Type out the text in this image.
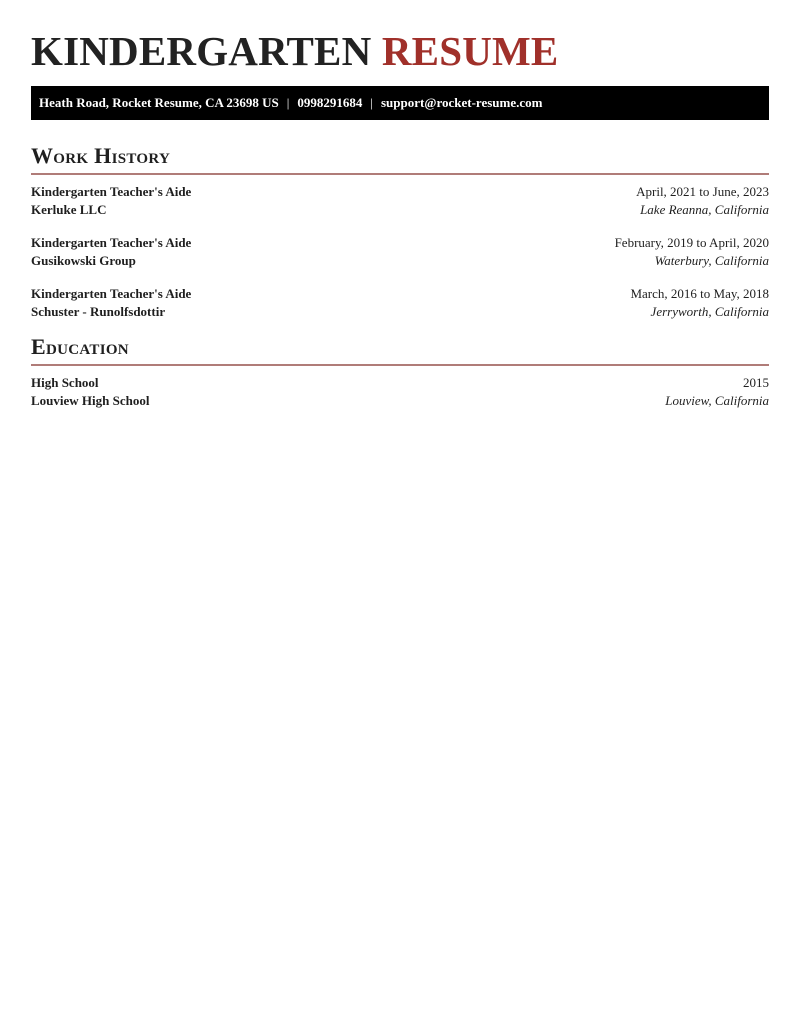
KINDERGARTEN RESUME
Heath Road, Rocket Resume, CA 23698 US | 0998291684 | support@rocket-resume.com
Work History
Kindergarten Teacher's Aide	April, 2021 to June, 2023
Kerluke LLC	Lake Reanna, California
Kindergarten Teacher's Aide	February, 2019 to April, 2020
Gusikowski Group	Waterbury, California
Kindergarten Teacher's Aide	March, 2016 to May, 2018
Schuster - Runolfsdottir	Jerryworth, California
Education
High School	2015
Louview High School	Louview, California
